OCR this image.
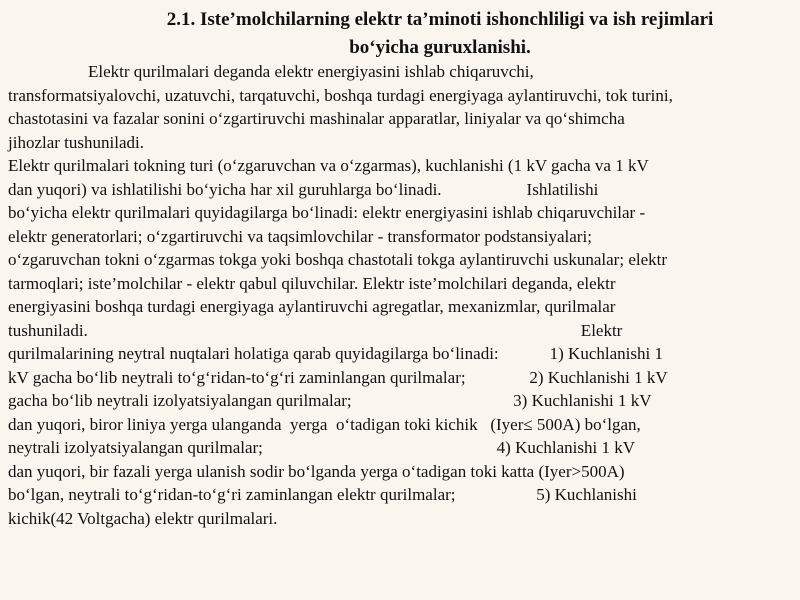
2.1. Iste’molchilarning elektr ta’minoti ishonchliligi va ish rejimlari
bo‘yicha guruxlanishi.

Elektr qurilmalari deganda elektr energiyasini ishlab chiqaruvchi,
transformatsiyalovchi, uzatuvchi, tarqatuvchi, boshqa turdagi energiyaga aylantiruvchi, tok turini,
chastotasini va fazalar sonini o‘zgartiruvchi mashinalar apparatlar, liniyalar va qo‘shimcha
jihozlar tushuniladi.
Elektr qurilmalari tokning turi (o‘zgaruvchan va o‘zgarmas), kuchlanishi (1 kV gacha va 1 kV
dan yuqori) va ishlatilishi bo‘yicha har xil guruhlarga bo‘linadi.                    Ishlatilishi
bo‘yicha elektr qurilmalari quyidagilarga bo‘linadi: elektr energiyasini ishlab chiqaruvchilar -
elektr generatorlari; o‘zgartiruvchi va taqsimlovchilar - transformator podstansiyalari;
o‘zgaruvchan tokni o‘zgarmas tokga yoki boshqa chastotali tokga aylantiruvchi uskunalar; elektr
tarmoqlari; iste’molchilar - elektr qabul qiluvchilar. Elektr iste’molchilari deganda, elektr
energiyasini boshqa turdagi energiyaga aylantiruvchi agregatlar, mexanizmlar, qurilmalar
tushuniladi.                                                                                                                    Elektr
qurilmalarining neytral nuqtalari holatiga qarab quyidagilarga bo‘linadi:            1) Kuchlanishi 1
kV gacha bo‘lib neytrali to‘g‘ridan-to‘g‘ri zaminlangan qurilmalar;               2) Kuchlanishi 1 kV
gacha bo‘lib neytrali izolyatsiyalangan qurilmalar;                                      3) Kuchlanishi 1 kV
dan yuqori, biror liniya yerga ulanganda  yerga  o‘tadigan toki kichik   (Iyer≤ 500A) bo‘lgan,
neytrali izolyatsiyalangan qurilmalar;                                                       4) Kuchlanishi 1 kV
dan yuqori, bir fazali yerga ulanish sodir bo‘lganda yerga o‘tadigan toki katta (Iyer>500A)
bo‘lgan, neytrali to‘g‘ridan-to‘g‘ri zaminlangan elektr qurilmalar;                   5) Kuchlanishi
kichik(42 Voltgacha) elektr qurilmalari.
